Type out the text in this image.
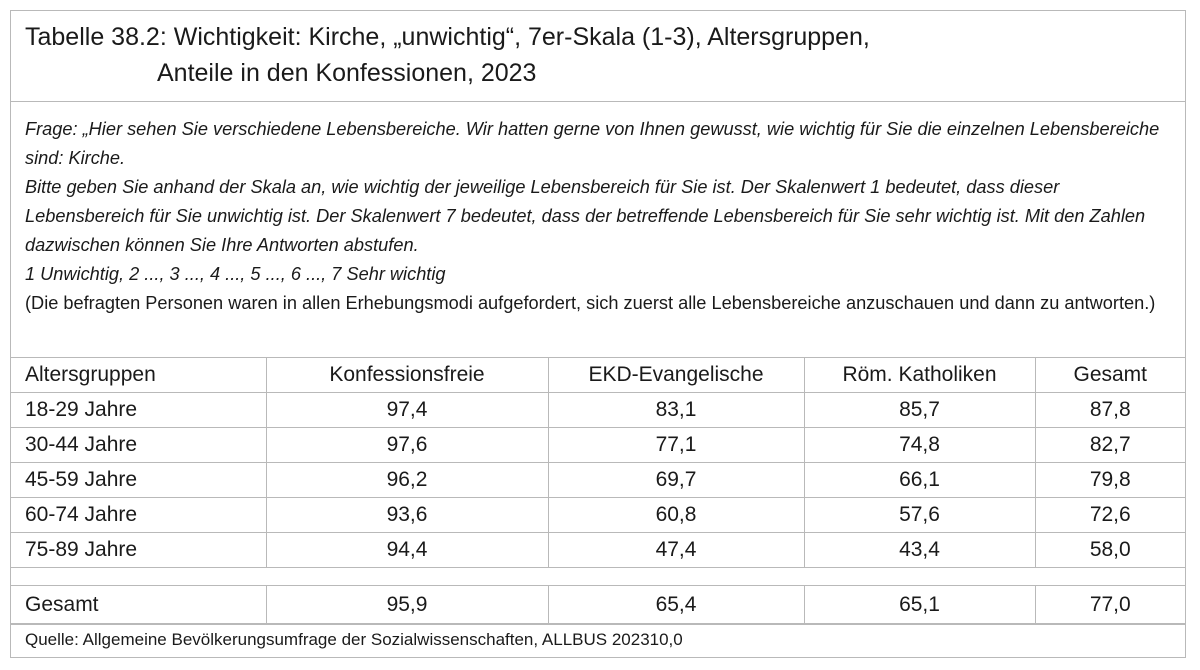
Tabelle 38.2: Wichtigkeit: Kirche, „unwichtig“, 7er-Skala (1-3), Altersgruppen,
Anteile in den Konfessionen, 2023
Frage: „Hier sehen Sie verschiedene Lebensbereiche. Wir hatten gerne von Ihnen gewusst, wie wichtig für Sie die einzelnen Lebensbereiche sind: Kirche.
Bitte geben Sie anhand der Skala an, wie wichtig der jeweilige Lebensbereich für Sie ist. Der Skalenwert 1 bedeutet, dass dieser Lebensbereich für Sie unwichtig ist. Der Skalenwert 7 bedeutet, dass der betreffende Lebensbereich für Sie sehr wichtig ist. Mit den Zahlen dazwischen können Sie Ihre Antworten abstufen.
1 Unwichtig, 2 ..., 3 ..., 4 ..., 5 ..., 6 ..., 7 Sehr wichtig
(Die befragten Personen waren in allen Erhebungsmodi aufgefordert, sich zuerst alle Lebensbereiche anzuschauen und dann zu antworten.)
Altersgruppen	Konfessionsfreie	EKD-Evangelische	Röm. Katholiken	Gesamt
18-29 Jahre	97,4	83,1	85,7	87,8
30-44 Jahre	97,6	77,1	74,8	82,7
45-59 Jahre	96,2	69,7	66,1	79,8
60-74 Jahre	93,6	60,8	57,6	72,6
75-89 Jahre	94,4	47,4	43,4	58,0

Gesamt	95,9	65,4	65,1	77,0
Quelle: Allgemeine Bevölkerungsumfrage der Sozialwissenschaften, ALLBUS 202310,0
